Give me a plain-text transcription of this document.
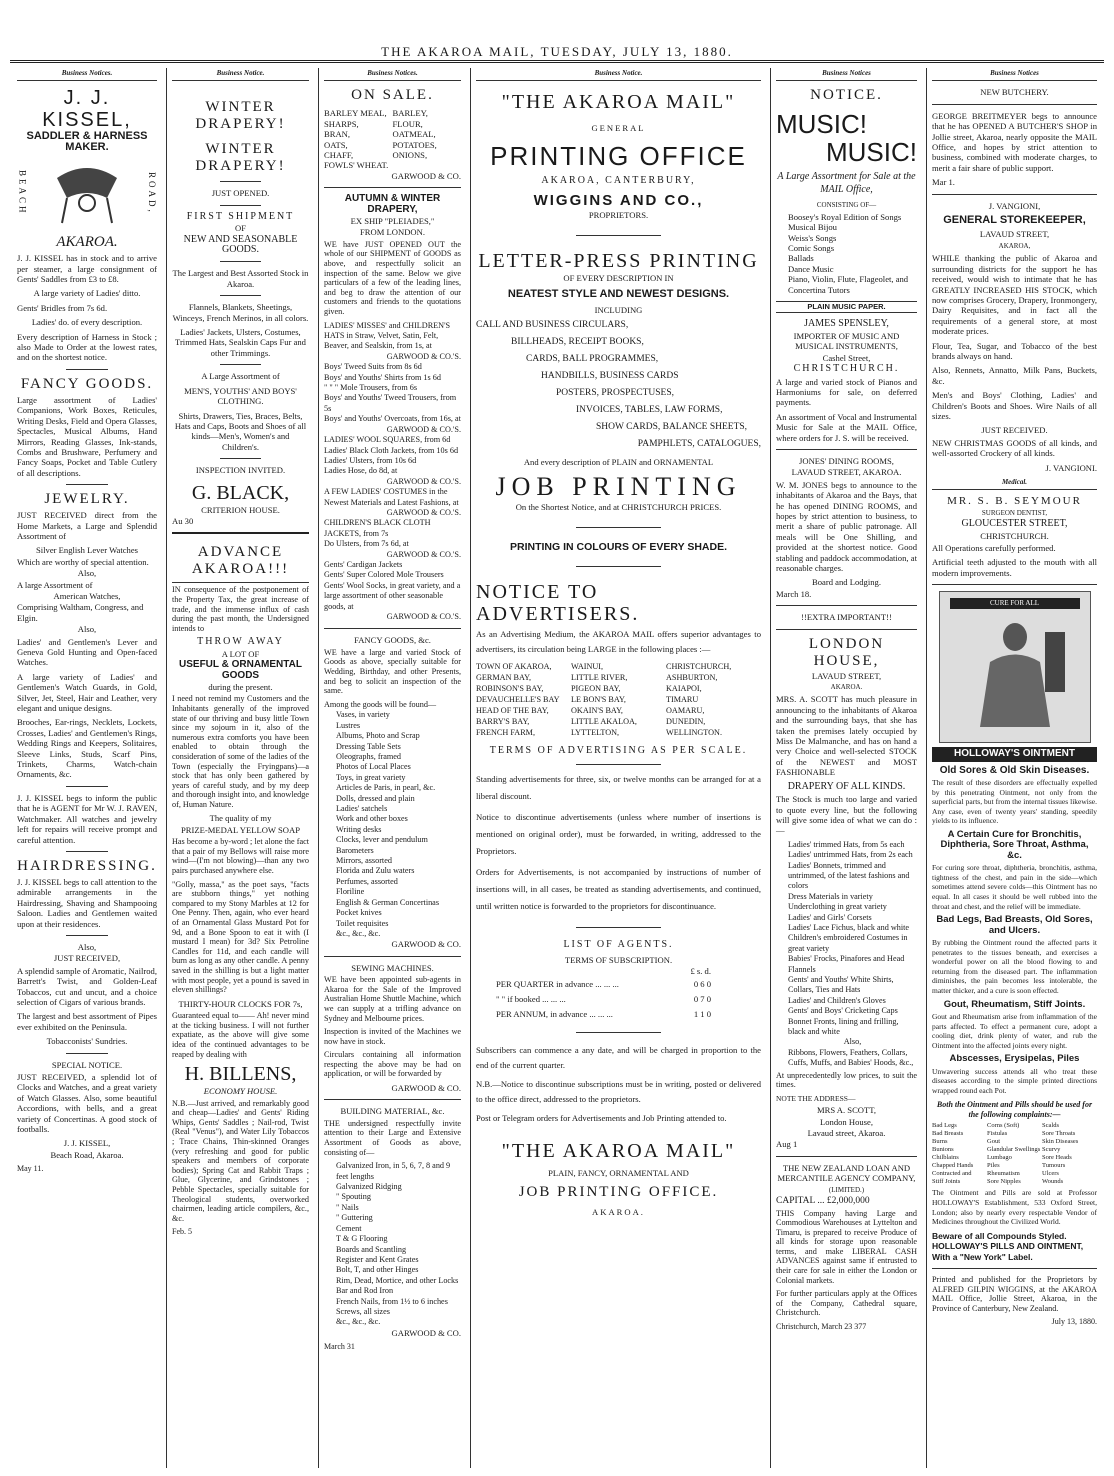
THE AKAROA MAIL, TUESDAY, JULY 13, 1880.
Business Notices.
J. J. KISSEL,
SADDLER & HARNESS MAKER.
BEACH	ROAD,
AKAROA.

J. J. KISSEL has in stock and to arrive per steamer, a large consignment of Gents' Saddles from £3 to £8.

A large variety of Ladies' ditto.

Gents' Bridles from 7s 6d.

Ladies' do. of every description.

Every description of Harness in Stock ; also Made to Order at the lowest rates, and on the shortest notice.

FANCY GOODS.

Large assortment of Ladies' Companions, Work Boxes, Reticules, Writing Desks, Field and Opera Glasses, Spectacles, Musical Albums, Hand Mirrors, Reading Glasses, Ink-stands, Combs and Brushware, Perfumery and Fancy Soaps, Pocket and Table Cutlery of all descriptions.

JEWELRY.

JUST RECEIVED direct from the Home Markets, a Large and Splendid Assortment of

Silver English Lever Watches
Which are worthy of special attention.
Also,
A large Assortment of
American Watches,
Comprising Waltham, Congress, and Elgin.
Also,

Ladies' and Gentlemen's Lever and Geneva Gold Hunting and Open-faced Watches.

A large variety of Ladies' and Gentlemen's Watch Guards, in Gold, Silver, Jet, Steel, Hair and Leather, very elegant and unique designs.

Brooches, Ear-rings, Necklets, Lockets, Crosses, Ladies' and Gentlemen's Rings, Wedding Rings and Keepers, Solitaires, Sleeve Links, Studs, Scarf Pins, Trinkets, Charms, Watch-chain Ornaments, &c.

J. J. KISSEL begs to inform the public that he is AGENT for Mr W. J. RAVEN, Watchmaker. All watches and jewelry left for repairs will receive prompt and careful attention.

HAIRDRESSING.

J. J. KISSEL begs to call attention to the admirable arrangements in the Hairdressing, Shaving and Shampooing Saloon. Ladies and Gentlemen waited upon at their residences.

Also,
JUST RECEIVED,

A splendid sample of Aromatic, Nailrod, Barrett's Twist, and Golden-Leaf Tobaccos, cut and uncut, and a choice selection of Cigars of various brands.

The largest and best assortment of Pipes ever exhibited on the Peninsula.

Tobacconists' Sundries.
SPECIAL NOTICE.

JUST RECEIVED, a splendid lot of Clocks and Watches, and a great variety of Watch Glasses. Also, some beautiful Accordions, with bells, and a great variety of Concertinas. A good stock of footballs.

J. J. KISSEL,
Beach Road, Akaroa.
May 11.
Business Notice.
WINTER DRAPERY!
WINTER DRAPERY!
JUST OPENED.
FIRST SHIPMENT
OF
NEW AND SEASONABLE GOODS.

The Largest and Best Assorted Stock in Akaroa.

Flannels, Blankets, Sheetings, Winceys, French Merinos, in all colors.

Ladies' Jackets, Ulsters, Costumes, Trimmed Hats, Sealskin Caps Fur and other Trimmings.

A Large Assortment of

MEN'S, YOUTHS' AND BOYS' CLOTHING.

Shirts, Drawers, Ties, Braces, Belts, Hats and Caps, Boots and Shoes of all kinds—Men's, Women's and Children's.

INSPECTION INVITED.
G. BLACK,
CRITERION HOUSE.
Au 30
ADVANCE AKAROA!!!

IN consequence of the postponement of the Property Tax, the great increase of trade, and the immense influx of cash during the past month, the Undersigned intends to

THROW AWAY
A LOT OF
USEFUL & ORNAMENTAL GOODS
during the present.

I need not remind my Customers and the Inhabitants generally of the improved state of our thriving and busy little Town since my sojourn in it, also of the numerous extra comforts you have been enabled to obtain through the consideration of some of the ladies of the Town (especially the Fryingpans)—a stock that has only been gathered by years of careful study, and by my deep and thorough insight into, and knowledge of, Human Nature.

The quality of my
PRIZE-MEDAL YELLOW SOAP

Has become a by-word ; let alone the fact that a pair of my Bellows will raise more wind—(I'm not blowing)—than any two pairs purchased anywhere else.

"Golly, massa," as the poet says, "facts are stubborn things," yet nothing compared to my Stony Marbles at 12 for One Penny. Then, again, who ever heard of an Ornamental Glass Mustard Pot for 9d, and a Bone Spoon to eat it with (I mustard I mean) for 3d? Six Petroline Candles for 11d, and each candle will burn as long as any other candle. A penny saved in the shilling is but a light matter with most people, yet a pound is saved in eleven shillings?

THIRTY-HOUR CLOCKS FOR 7s,

Guaranteed equal to—— Ah! never mind at the ticking business. I will not further expatiate, as the above will give some idea of the continued advantages to be reaped by dealing with

H. BILLENS,
ECONOMY HOUSE.

N.B.—Just arrived, and remarkably good and cheap—Ladies' and Gents' Riding Whips, Gents' Saddles ; Nail-rod, Twist (Real "Venus"), and Water Lily Tobaccos ; Trace Chains, Thin-skinned Oranges (very refreshing and good for public speakers and members of corporate bodies); Spring Cat and Rabbit Traps ; Glue, Glycerine, and Grindstones ; Pebble Spectacles, specially suitable for Theological students, overworked chairmen, leading article compilers, &c., &c.

Feb. 5
Business Notices.
ON SALE.
BARLEY MEAL, BARLEY,
SHARPS,	FLOUR,
BRAN,	OATMEAL,
OATS,	POTATOES,
CHAFF,	ONIONS,
FOWLS' WHEAT.
GARWOOD & CO.
AUTUMN & WINTER DRAPERY,
EX SHIP "PLEIADES,"
FROM LONDON.

WE have JUST OPENED OUT the whole of our SHIPMENT of GOODS as above, and respectfully solicit an inspection of the same. Below we give particulars of a few of the leading lines, and beg to draw the attention of our customers and friends to the quotations given.

LADIES' MISSES' and CHILDREN'S HATS in Straw, Velvet, Satin, Felt, Beaver, and Sealskin, from 1s, at
GARWOOD & CO.'S.
Boys' Tweed Suits from 8s 6d
Boys' and Youths' Shirts from 1s 6d
" " " Mole Trousers, from 6s
Boys' and Youths' Tweed Trousers, from 5s
Boys' and Youths' Overcoats, from 16s, at
GARWOOD & CO.'S.
LADIES' WOOL SQUARES, from 6d
Ladies' Black Cloth Jackets, from 10s 6d
Ladies' Ulsters, from 10s 6d
Ladies Hose, do 8d, at
GARWOOD & CO.'S.
A FEW LADIES' COSTUMES in the Newest Materials and Latest Fashions, at
GARWOOD & CO.'S.
CHILDREN'S BLACK CLOTH JACKETS, from 7s
Do Ulsters, from 7s 6d, at
GARWOOD & CO.'S.
Gents' Cardigan Jackets
Gents' Super Colored Mole Trousers
Gents' Wool Socks, in great variety, and a large assortment of other seasonable goods, at
GARWOOD & CO.'S.
FANCY GOODS, &c.

WE have a large and varied Stock of Goods as above, specially suitable for Wedding, Birthday, and other Presents, and beg to solicit an inspection of the same.

Among the goods will be found—
Vases, in variety
Lustres
Albums, Photo and Scrap
Dressing Table Sets
Oleographs, framed
Photos of Local Places
Toys, in great variety
Articles de Paris, in pearl, &c.
Dolls, dressed and plain
Ladies' satchels
Work and other boxes
Writing desks
Clocks, lever and pendulum
Barometers
Mirrors, assorted
Florida and Zulu waters
Perfumes, assorted
Floriline
English & German Concertinas
Pocket knives
Toilet requisites
&c., &c., &c.
GARWOOD & CO.
SEWING MACHINES.

WE have been appointed sub-agents in Akaroa for the Sale of the Improved Australian Home Shuttle Machine, which we can supply at a trifling advance on Sydney and Melbourne prices.

Inspection is invited of the Machines we now have in stock.

Circulars containing all information respecting the above may be had on application, or will be forwarded by

GARWOOD & CO.
BUILDING MATERIAL, &c.

THE undersigned respectfully invite attention to their Large and Extensive Assortment of Goods as above, consisting of—

Galvanized Iron, in 5, 6, 7, 8 and 9 feet lengths
Galvanized Ridging
" Spouting
" Nails
" Guttering
Cement
T & G Flooring
Boards and Scantling
Register and Kent Grates
Bolt, T, and other Hinges
Rim, Dead, Mortice, and other Locks
Bar and Rod Iron
French Nails, from 1½ to 6 inches
Screws, all sizes
&c., &c., &c.
GARWOOD & CO.
March 31
Business Notice.
"THE AKAROA MAIL"
GENERAL
PRINTING OFFICE
AKAROA, CANTERBURY,
WIGGINS AND CO.,
PROPRIETORS.
LETTER-PRESS PRINTING
OF EVERY DESCRIPTION IN
NEATEST STYLE AND NEWEST DESIGNS.
INCLUDING
CALL AND BUSINESS CIRCULARS,
BILLHEADS, RECEIPT BOOKS,
CARDS, BALL PROGRAMMES,
HANDBILLS, BUSINESS CARDS
POSTERS, PROSPECTUSES,
INVOICES, TABLES, LAW FORMS,
SHOW CARDS, BALANCE SHEETS,
PAMPHLETS, CATALOGUES,
And every description of PLAIN and ORNAMENTAL
JOB PRINTING
On the Shortest Notice, and at CHRISTCHURCH PRICES.
PRINTING IN COLOURS OF EVERY SHADE.
NOTICE TO ADVERTISERS.

As an Advertising Medium, the AKAROA MAIL offers superior advantages to advertisers, its circulation being LARGE in the following places :—

TOWN OF AKAROA,	WAINUI,	CHRISTCHURCH,
GERMAN BAY,	LITTLE RIVER,	ASHBURTON,
ROBINSON'S BAY,	PIGEON BAY,	KAIAPOI,
DEVAUCHELLE'S BAY	LE BON'S BAY,	TIMARU
HEAD OF THE BAY,	OKAIN'S BAY,	OAMARU,
BARRY'S BAY,	LITTLE AKALOA,	DUNEDIN,
FRENCH FARM,	LYTTELTON,	WELLINGTON.
TERMS OF ADVERTISING AS PER SCALE.

Standing advertisements for three, six, or twelve months can be arranged for at a liberal discount.

Notice to discontinue advertisements (unless where number of insertions is mentioned on original order), must be forwarded, in writing, addressed to the Proprietors.

Orders for Advertisements, is not accompanied by instructions of number of insertions will, in all cases, be treated as standing advertisements, and continued, until written notice is forwarded to the proprietors for discontinuance.

LIST OF AGENTS.
TERMS OF SUBSCRIPTION.
£ s. d.
PER QUARTER in advance ... ... ...	0 6 0
" " if booked ... ... ...	0 7 0
PER ANNUM, in advance ... ... ...	1 1 0

Subscribers can commence a any date, and will be charged in proportion to the end of the current quarter.

N.B.—Notice to discontinue subscriptions must be in writing, posted or delivered to the office direct, addressed to the proprietors.

Post or Telegram orders for Advertisements and Job Printing attended to.

"THE AKAROA MAIL"
PLAIN, FANCY, ORNAMENTAL AND
JOB PRINTING OFFICE.
AKAROA.
Business Notices
NOTICE.
MUSIC!
MUSIC!
A Large Assortment for Sale at the MAIL Office,
CONSISTING OF—
Boosey's Royal Edition of Songs
Musical Bijou
Weiss's Songs
Comic Songs
Ballads
Dance Music
Piano, Violin, Flute, Flageolet, and Concertina Tutors
PLAIN MUSIC PAPER.
JAMES SPENSLEY,
IMPORTER OF MUSIC AND MUSICAL INSTRUMENTS,
Cashel Street,
CHRISTCHURCH.

A large and varied stock of Pianos and Harmoniums for sale, on deferred payments.

An assortment of Vocal and Instrumental Music for Sale at the MAIL Office, where orders for J. S. will be received.

JONES' DINING ROOMS,
LAVAUD STREET, AKAROA.

W. M. JONES begs to announce to the inhabitants of Akaroa and the Bays, that he has opened DINING ROOMS, and hopes by strict attention to business, to merit a share of public patronage. All meals will be One Shilling, and provided at the shortest notice. Good stabling and paddock accommodation, at reasonable charges.

Board and Lodging.
March 18.
!!EXTRA IMPORTANT!!
LONDON HOUSE,
LAVAUD STREET,
AKAROA.

MRS. A. SCOTT has much pleasure in announcing to the inhabitants of Akaroa and the surrounding bays, that she has taken the premises lately occupied by Miss De Malmanche, and has on hand a very Choice and well-selected STOCK of the NEWEST and MOST FASHIONABLE

DRAPERY OF ALL KINDS.

The Stock is much too large and varied to quote every line, but the following will give some idea of what we can do :—

Ladies' trimmed Hats, from 5s each
Ladies' untrimmed Hats, from 2s each
Ladies' Bonnets, trimmed and untrimmed, of the latest fashions and colors
Dress Materials in variety
Underclothing in great variety
Ladies' and Girls' Corsets
Ladies' Lace Fichus, black and white
Children's embroidered Costumes in great variety
Babies' Frocks, Pinafores and Head Flannels
Gents' and Youths' White Shirts, Collars, Ties and Hats
Ladies' and Children's Gloves
Gents' and Boys' Cricketing Caps
Bonnet Fronts, lining and frilling, black and white
Also,
Ribbons, Flowers, Feathers, Collars, Cuffs, Muffs, and Babies' Hoods, &c.,

At unprecedentedly low prices, to suit the times.

NOTE THE ADDRESS—
MRS A. SCOTT,
London House,
Lavaud street, Akaroa.
Aug 1
THE NEW ZEALAND LOAN AND MERCANTILE AGENCY COMPANY,
(LIMITED.)
CAPITAL ... £2,000,000

THIS Company having Large and Commodious Warehouses at Lyttelton and Timaru, is prepared to receive Produce of all kinds for storage upon reasonable terms, and make LIBERAL CASH ADVANCES against same if entrusted to their care for sale in either the London or Colonial markets.

For further particulars apply at the Offices of the Company, Cathedral square, Christchurch.

Christchurch, March 23 377
Business Notices
NEW BUTCHERY.

GEORGE BREITMEYER begs to announce that he has OPENED A BUTCHER'S SHOP in Jollie street, Akaroa, nearly opposite the MAIL Office, and hopes by strict attention to business, combined with moderate charges, to merit a fair share of public support.

Mar 1.
J. VANGIONI,
GENERAL STOREKEEPER,
LAVAUD STREET,
AKAROA,

WHILE thanking the public of Akaroa and surrounding districts for the support he has received, would wish to intimate that he has GREATLY INCREASED HIS STOCK, which now comprises Grocery, Drapery, Ironmongery, Dairy Requisites, and in fact all the requirements of a general store, at most moderate prices.

Flour, Tea, Sugar, and Tobacco of the best brands always on hand.

Also, Rennets, Annatto, Milk Pans, Buckets, &c.

Men's and Boys' Clothing, Ladies' and Children's Boots and Shoes. Wire Nails of all sizes.

JUST RECEIVED.

NEW CHRISTMAS GOODS of all kinds, and well-assorted Crockery of all kinds.

J. VANGIONI.
Medical.
MR. S. B. SEYMOUR
SURGEON DENTIST,
GLOUCESTER STREET,
CHRISTCHURCH.

All Operations carefully performed.

Artificial teeth adjusted to the mouth with all modern improvements.

CURE FOR ALL
HOLLOWAY'S OINTMENT
Old Sores & Old Skin Diseases.

The result of these disorders are effectually expelled by this penetrating Ointment, not only from the superficial parts, but from the internal tissues likewise. Any case, even of twenty years' standing, speedily yields to its influence.

A Certain Cure for Bronchitis, Diphtheria, Sore Throat, Asthma, &c.

For curing sore throat, diphtheria, bronchitis, asthma, tightness of the chest, and pain in the side—which sometimes attend severe colds—this Ointment has no equal. In all cases it should be well rubbed into the throat and chest, and the relief will be immediate.

Bad Legs, Bad Breasts, Old Sores, and Ulcers.

By rubbing the Ointment round the affected parts it penetrates to the tissues beneath, and exercises a wonderful power on all the blood flowing to and returning from the diseased part. The inflammation diminishes, the pain becomes less intolerable, the matter thicker, and a cure is soon effected.

Gout, Rheumatism, Stiff Joints.

Gout and Rheumatism arise from inflammation of the parts affected. To effect a permanent cure, adopt a cooling diet, drink plenty of water, and rub the Ointment into the affected joints every night.

Abscesses, Erysipelas, Piles

Unwavering success attends all who treat these diseases according to the simple printed directions wrapped round each Pot.

Both the Ointment and Pills should be used for the following complaints:—
Bad Legs	Corns (Soft)	Scalds
Bad Breasts	Fistulas	Sore Throats
Burns	Gout	Skin Diseases
Bunions	Glandular Swellings Scurvy
Chilblains	Lumbago	Sore Heads
Chapped Hands	Piles	Tumours
Contracted and	Rheumatism	Ulcers
Stiff Joints	Sore Nipples	Wounds

The Ointment and Pills are sold at Professor HOLLOWAY'S Establishment, 533 Oxford Street, London; also by nearly every respectable Vendor of Medicines throughout the Civilized World.

Beware of all Compounds Styled.
HOLLOWAY'S PILLS AND OINTMENT,
With a "New York" Label.

Printed and published for the Proprietors by ALFRED GILPIN WIGGINS, at the AKAROA MAIL Office, Jollie Street, Akaroa, in the Province of Canterbury, New Zealand.

July 13, 1880.
